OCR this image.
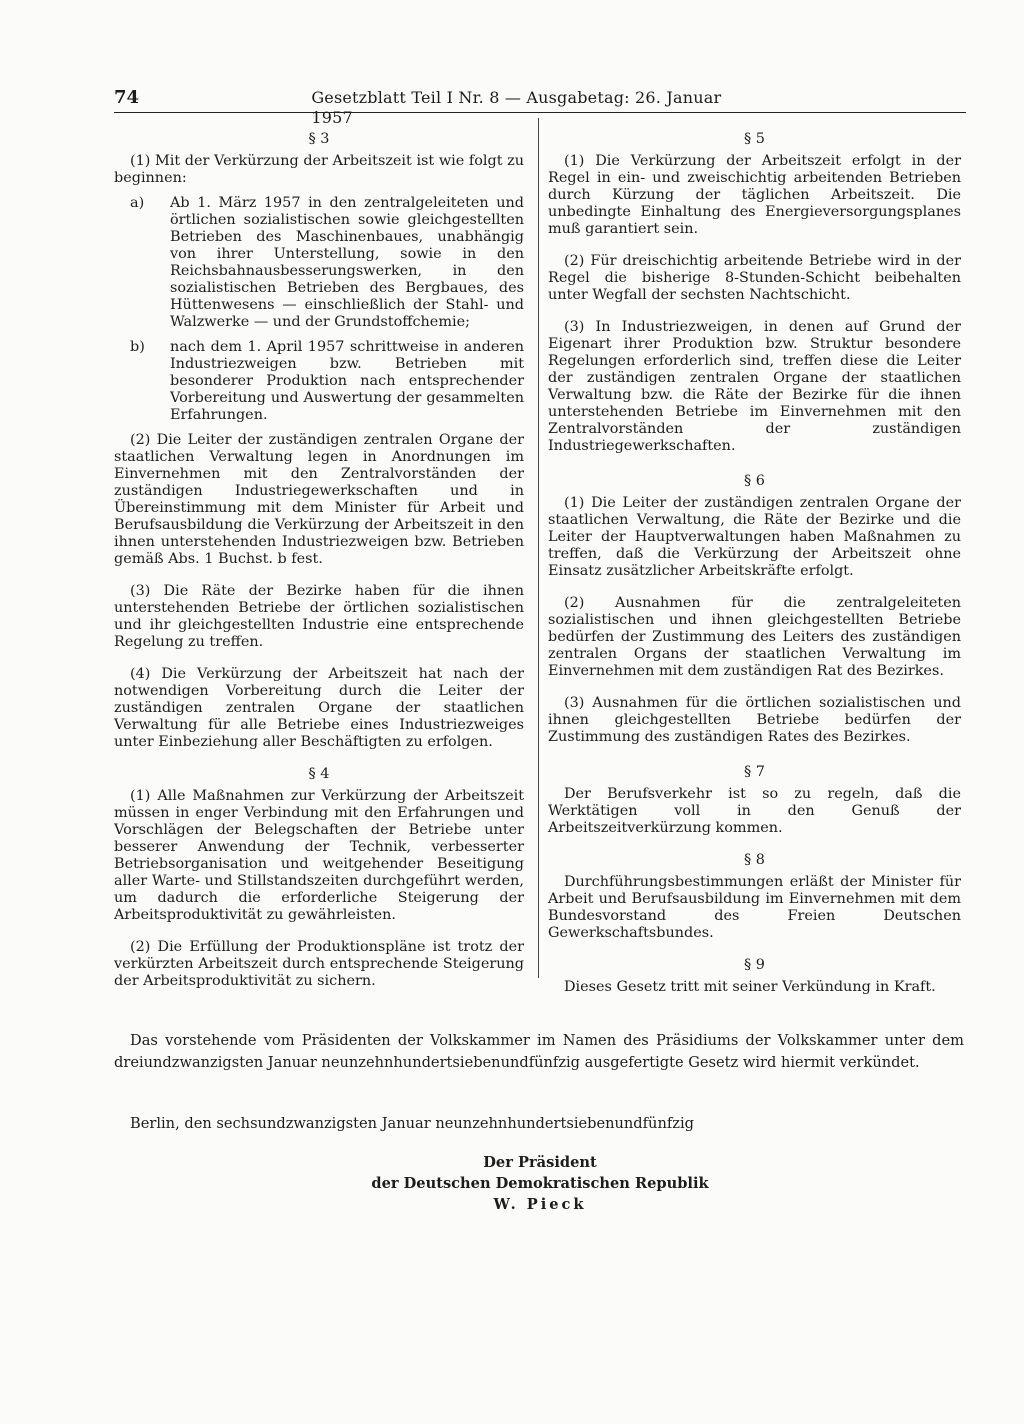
74	Gesetzblatt Teil I Nr. 8 — Ausgabetag: 26. Januar 1957
§ 3

(1) Mit der Verkürzung der Arbeitszeit ist wie folgt zu beginnen:

a)	Ab 1. März 1957 in den zentralgeleiteten und örtlichen sozialistischen sowie gleichgestellten Betrieben des Maschinenbaues, unabhängig von ihrer Unterstellung, sowie in den Reichsbahnausbesserungswerken, in den sozialistischen Betrieben des Bergbaues, des Hüttenwesens — einschließlich der Stahl- und Walzwerke — und der Grundstoffchemie;
b)	nach dem 1. April 1957 schrittweise in anderen Industriezweigen bzw. Betrieben mit besonderer Produktion nach entsprechender Vorbereitung und Auswertung der gesammelten Erfahrungen.

(2) Die Leiter der zuständigen zentralen Organe der staatlichen Verwaltung legen in Anordnungen im Einvernehmen mit den Zentralvorständen der zuständigen Industriegewerkschaften und in Übereinstimmung mit dem Minister für Arbeit und Berufsausbildung die Verkürzung der Arbeitszeit in den ihnen unterstehenden Industriezweigen bzw. Betrieben gemäß Abs. 1 Buchst. b fest.

(3) Die Räte der Bezirke haben für die ihnen unterstehenden Betriebe der örtlichen sozialistischen und ihr gleichgestellten Industrie eine entsprechende Regelung zu treffen.

(4) Die Verkürzung der Arbeitszeit hat nach der notwendigen Vorbereitung durch die Leiter der zuständigen zentralen Organe der staatlichen Verwaltung für alle Betriebe eines Industriezweiges unter Einbeziehung aller Beschäftigten zu erfolgen.

§ 4

(1) Alle Maßnahmen zur Verkürzung der Arbeitszeit müssen in enger Verbindung mit den Erfahrungen und Vorschlägen der Belegschaften der Betriebe unter besserer Anwendung der Technik, verbesserter Betriebsorganisation und weitgehender Beseitigung aller Warte- und Stillstandszeiten durchgeführt werden, um dadurch die erforderliche Steigerung der Arbeitsproduktivität zu gewährleisten.

(2) Die Erfüllung der Produktionspläne ist trotz der verkürzten Arbeitszeit durch entsprechende Steigerung der Arbeitsproduktivität zu sichern.

§ 5

(1) Die Verkürzung der Arbeitszeit erfolgt in der Regel in ein- und zweischichtig arbeitenden Betrieben durch Kürzung der täglichen Arbeitszeit. Die unbedingte Einhaltung des Energieversorgungsplanes muß garantiert sein.

(2) Für dreischichtig arbeitende Betriebe wird in der Regel die bisherige 8-Stunden-Schicht beibehalten unter Wegfall der sechsten Nachtschicht.

(3) In Industriezweigen, in denen auf Grund der Eigenart ihrer Produktion bzw. Struktur besondere Regelungen erforderlich sind, treffen diese die Leiter der zuständigen zentralen Organe der staatlichen Verwaltung bzw. die Räte der Bezirke für die ihnen unterstehenden Betriebe im Einvernehmen mit den Zentralvorständen der zuständigen Industriegewerkschaften.

§ 6

(1) Die Leiter der zuständigen zentralen Organe der staatlichen Verwaltung, die Räte der Bezirke und die Leiter der Hauptverwaltungen haben Maßnahmen zu treffen, daß die Verkürzung der Arbeitszeit ohne Einsatz zusätzlicher Arbeitskräfte erfolgt.

(2) Ausnahmen für die zentralgeleiteten sozialistischen und ihnen gleichgestellten Betriebe bedürfen der Zustimmung des Leiters des zuständigen zentralen Organs der staatlichen Verwaltung im Einvernehmen mit dem zuständigen Rat des Bezirkes.

(3) Ausnahmen für die örtlichen sozialistischen und ihnen gleichgestellten Betriebe bedürfen der Zustimmung des zuständigen Rates des Bezirkes.

§ 7

Der Berufsverkehr ist so zu regeln, daß die Werktätigen voll in den Genuß der Arbeitszeitverkürzung kommen.

§ 8

Durchführungsbestimmungen erläßt der Minister für Arbeit und Berufsausbildung im Einvernehmen mit dem Bundesvorstand des Freien Deutschen Gewerkschaftsbundes.

§ 9

Dieses Gesetz tritt mit seiner Verkündung in Kraft.

Das vorstehende vom Präsidenten der Volkskammer im Namen des Präsidiums der Volkskammer unter dem dreiundzwanzigsten Januar neunzehnhundertsiebenundfünfzig ausgefertigte Gesetz wird hiermit verkündet.
Berlin, den sechsundzwanzigsten Januar neunzehnhundertsiebenundfünfzig
Der Präsident
der Deutschen Demokratischen Republik
W. Pieck
